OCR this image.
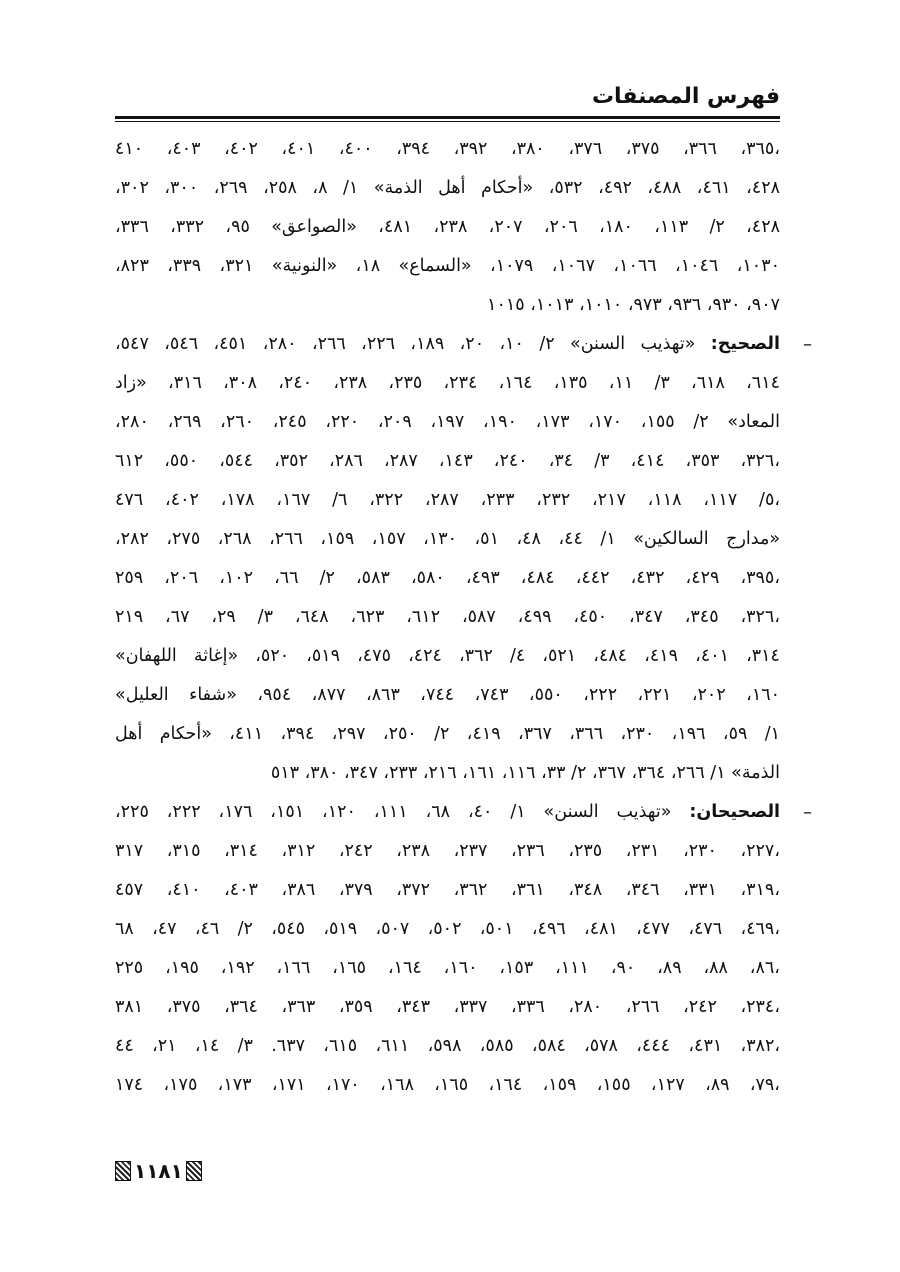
فهرس المصنفات
٣٦٥، ٣٦٦، ٣٧٥، ٣٧٦، ٣٨٠، ٣٩٢، ٣٩٤، ٤٠٠، ٤٠١، ٤٠٢، ٤٠٣، ٤١٠،
٤٢٨، ٤٦١، ٤٨٨، ٤٩٢، ٥٣٢، «أحكام أهل الذمة» ١/ ٨، ٢٥٨، ٢٦٩، ٣٠٠، ٣٠٢،
٤٢٨، ٢/ ١١٣، ١٨٠، ٢٠٦، ٢٠٧، ٢٣٨، ٤٨١، «الصواعق» ٩٥، ٣٣٢، ٣٣٦،
١٠٣٠، ١٠٤٦، ١٠٦٦، ١٠٦٧، ١٠٧٩، «السماع» ١٨، «النونية» ٣٢١، ٣٣٩، ٨٢٣،
٩٠٧، ٩٣٠، ٩٣٦، ٩٧٣، ١٠١٠، ١٠١٣، ١٠١٥
–
الصحيح: «تهذيب السنن» ٢/ ١٠، ٢٠، ١٨٩، ٢٢٦، ٢٦٦، ٢٨٠، ٤٥١، ٥٤٦، ٥٤٧،
٦١٤، ٦١٨، ٣/ ١١، ١٣٥، ١٦٤، ٢٣٤، ٢٣٥، ٢٣٨، ٢٤٠، ٣٠٨، ٣١٦، «زاد
المعاد» ٢/ ١٥٥، ١٧٠، ١٧٣، ١٩٠، ١٩٧، ٢٠٩، ٢٢٠، ٢٤٥، ٢٦٠، ٢٦٩، ٢٨٠،
٣٢٦، ٣٥٣، ٤١٤، ٣/ ٣٤، ٢٤٠، ١٤٣، ٢٨٧، ٢٨٦، ٣٥٢، ٥٤٤، ٥٥٠، ٦١٢،
٥/ ١١٧، ١١٨، ٢١٧، ٢٣٢، ٢٣٣، ٢٨٧، ٣٢٢، ٦/ ١٦٧، ١٧٨، ٤٠٢، ٤٧٦،
«مدارج السالكين» ١/ ٤٤، ٤٨، ٥١، ١٣٠، ١٥٧، ١٥٩، ٢٦٦، ٢٦٨، ٢٧٥، ٢٨٢،
٣٩٥، ٤٢٩، ٤٣٢، ٤٤٢، ٤٨٤، ٤٩٣، ٥٨٠، ٥٨٣، ٢/ ٦٦، ١٠٢، ٢٠٦، ٢٥٩،
٣٢٦، ٣٤٥، ٣٤٧، ٤٥٠، ٤٩٩، ٥٨٧، ٦١٢، ٦٢٣، ٦٤٨، ٣/ ٢٩، ٦٧، ٢١٩،
٣١٤، ٤٠١، ٤١٩، ٤٨٤، ٥٢١، ٤/ ٣٦٢، ٤٢٤، ٤٧٥، ٥١٩، ٥٢٠، «إغاثة اللهفان»
١٦٠، ٢٠٢، ٢٢١، ٢٢٢، ٥٥٠، ٧٤٣، ٧٤٤، ٨٦٣، ٨٧٧، ٩٥٤، «شفاء العليل»
١/ ٥٩، ١٩٦، ٢٣٠، ٣٦٦، ٣٦٧، ٤١٩، ٢/ ٢٥٠، ٢٩٧، ٣٩٤، ٤١١، «أحكام أهل
الذمة» ١/ ٢٦٦، ٣٦٤، ٣٦٧، ٢/ ٣٣، ١١٦، ١٦١، ٢١٦، ٢٣٣، ٣٤٧، ٣٨٠، ٥١٣
–
الصحيحان: «تهذيب السنن» ١/ ٤٠، ٦٨، ١١١، ١٢٠، ١٥١، ١٧٦، ٢٢٢، ٢٢٥،
٢٢٧، ٢٣٠، ٢٣١، ٢٣٥، ٢٣٦، ٢٣٧، ٢٣٨، ٢٤٢، ٣١٢، ٣١٤، ٣١٥، ٣١٧،
٣١٩، ٣٣١، ٣٤٦، ٣٤٨، ٣٦١، ٣٦٢، ٣٧٢، ٣٧٩، ٣٨٦، ٤٠٣، ٤١٠، ٤٥٧،
٤٦٩، ٤٧٦، ٤٧٧، ٤٨١، ٤٩٦، ٥٠١، ٥٠٢، ٥٠٧، ٥١٩، ٥٤٥، ٢/ ٤٦، ٤٧، ٦٨،
٨٦، ٨٨، ٨٩، ٩٠، ١١١، ١٥٣، ١٦٠، ١٦٤، ١٦٥، ١٦٦، ١٩٢، ١٩٥، ٢٢٥،
٢٣٤، ٢٤٢، ٢٦٦، ٢٨٠، ٣٣٦، ٣٣٧، ٣٤٣، ٣٥٩، ٣٦٣، ٣٦٤، ٣٧٥، ٣٨١،
٣٨٢، ٤٣١، ٤٤٤، ٥٧٨، ٥٨٤، ٥٨٥، ٥٩٨، ٦١١، ٦١٥، ٦٣٧. ٣/ ١٤، ٢١، ٤٤،
٧٩، ٨٩، ١٢٧، ١٥٥، ١٥٩، ١٦٤، ١٦٥، ١٦٨، ١٧٠، ١٧١، ١٧٣، ١٧٥، ١٧٤،
١١٨١
